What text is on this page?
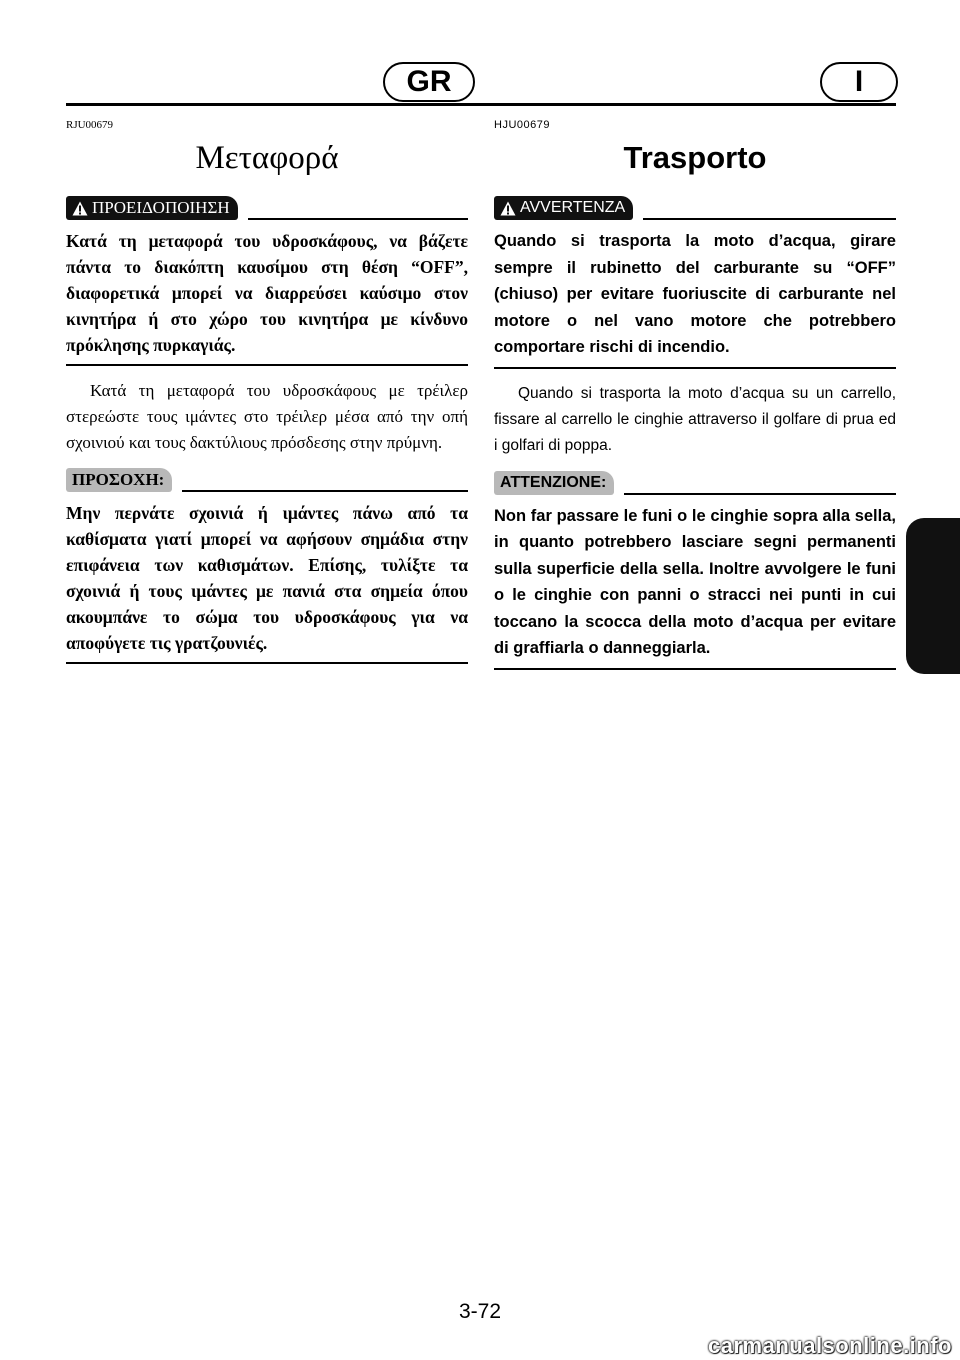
GR	I
RJU00679
Μεταφορά
ΠΡΟΕΙΔΟΠΟΙΗΣΗ
Κατά τη μεταφορά του υδροσκάφους, να βάζετε πάντα το διακόπτη καυσίμου στη θέση “OFF”, διαφορετικά μπορεί να διαρρεύσει καύσιμο στον κινητήρα ή στο χώρο του κινητήρα με κίνδυνο πρόκλησης πυρκαγιάς.
Κατά τη μεταφορά του υδροσκάφους με τρέιλερ στερεώστε τους ιμάντες στο τρέιλερ μέσα από την οπή σχοινιού και τους δακτύλιους πρόσδεσης στην πρύμνη.
ΠΡΟΣΟΧΗ:
Μην περνάτε σχοινιά ή ιμάντες πάνω από τα καθίσματα γιατί μπορεί να αφήσουν σημάδια στην επιφάνεια των καθισμάτων. Επίσης, τυλίξτε τα σχοινιά ή τους ιμάντες με πανιά στα σημεία όπου ακουμπάνε το σώμα του υδροσκάφους για να αποφύγετε τις γρατζουνιές.
HJU00679
Trasporto
AVVERTENZA
Quando si trasporta la moto d’acqua, girare sempre il rubinetto del carburante su “OFF” (chiuso) per evitare fuoriuscite di carburante nel motore o nel vano motore che potrebbero comportare rischi di incendio.
Quando si trasporta la moto d’acqua su un carrello, fissare al carrello le cinghie attraverso il golfare di prua ed i golfari di poppa.
ATTENZIONE:
Non far passare le funi o le cinghie sopra alla sella, in quanto potrebbero lasciare segni permanenti sulla superficie della sella. Inoltre avvolgere le funi o le cinghie con panni o stracci nei punti in cui toccano la scocca della moto d’acqua per evitare di graffiarla o danneggiarla.
3-72
carmanualsonline.info
